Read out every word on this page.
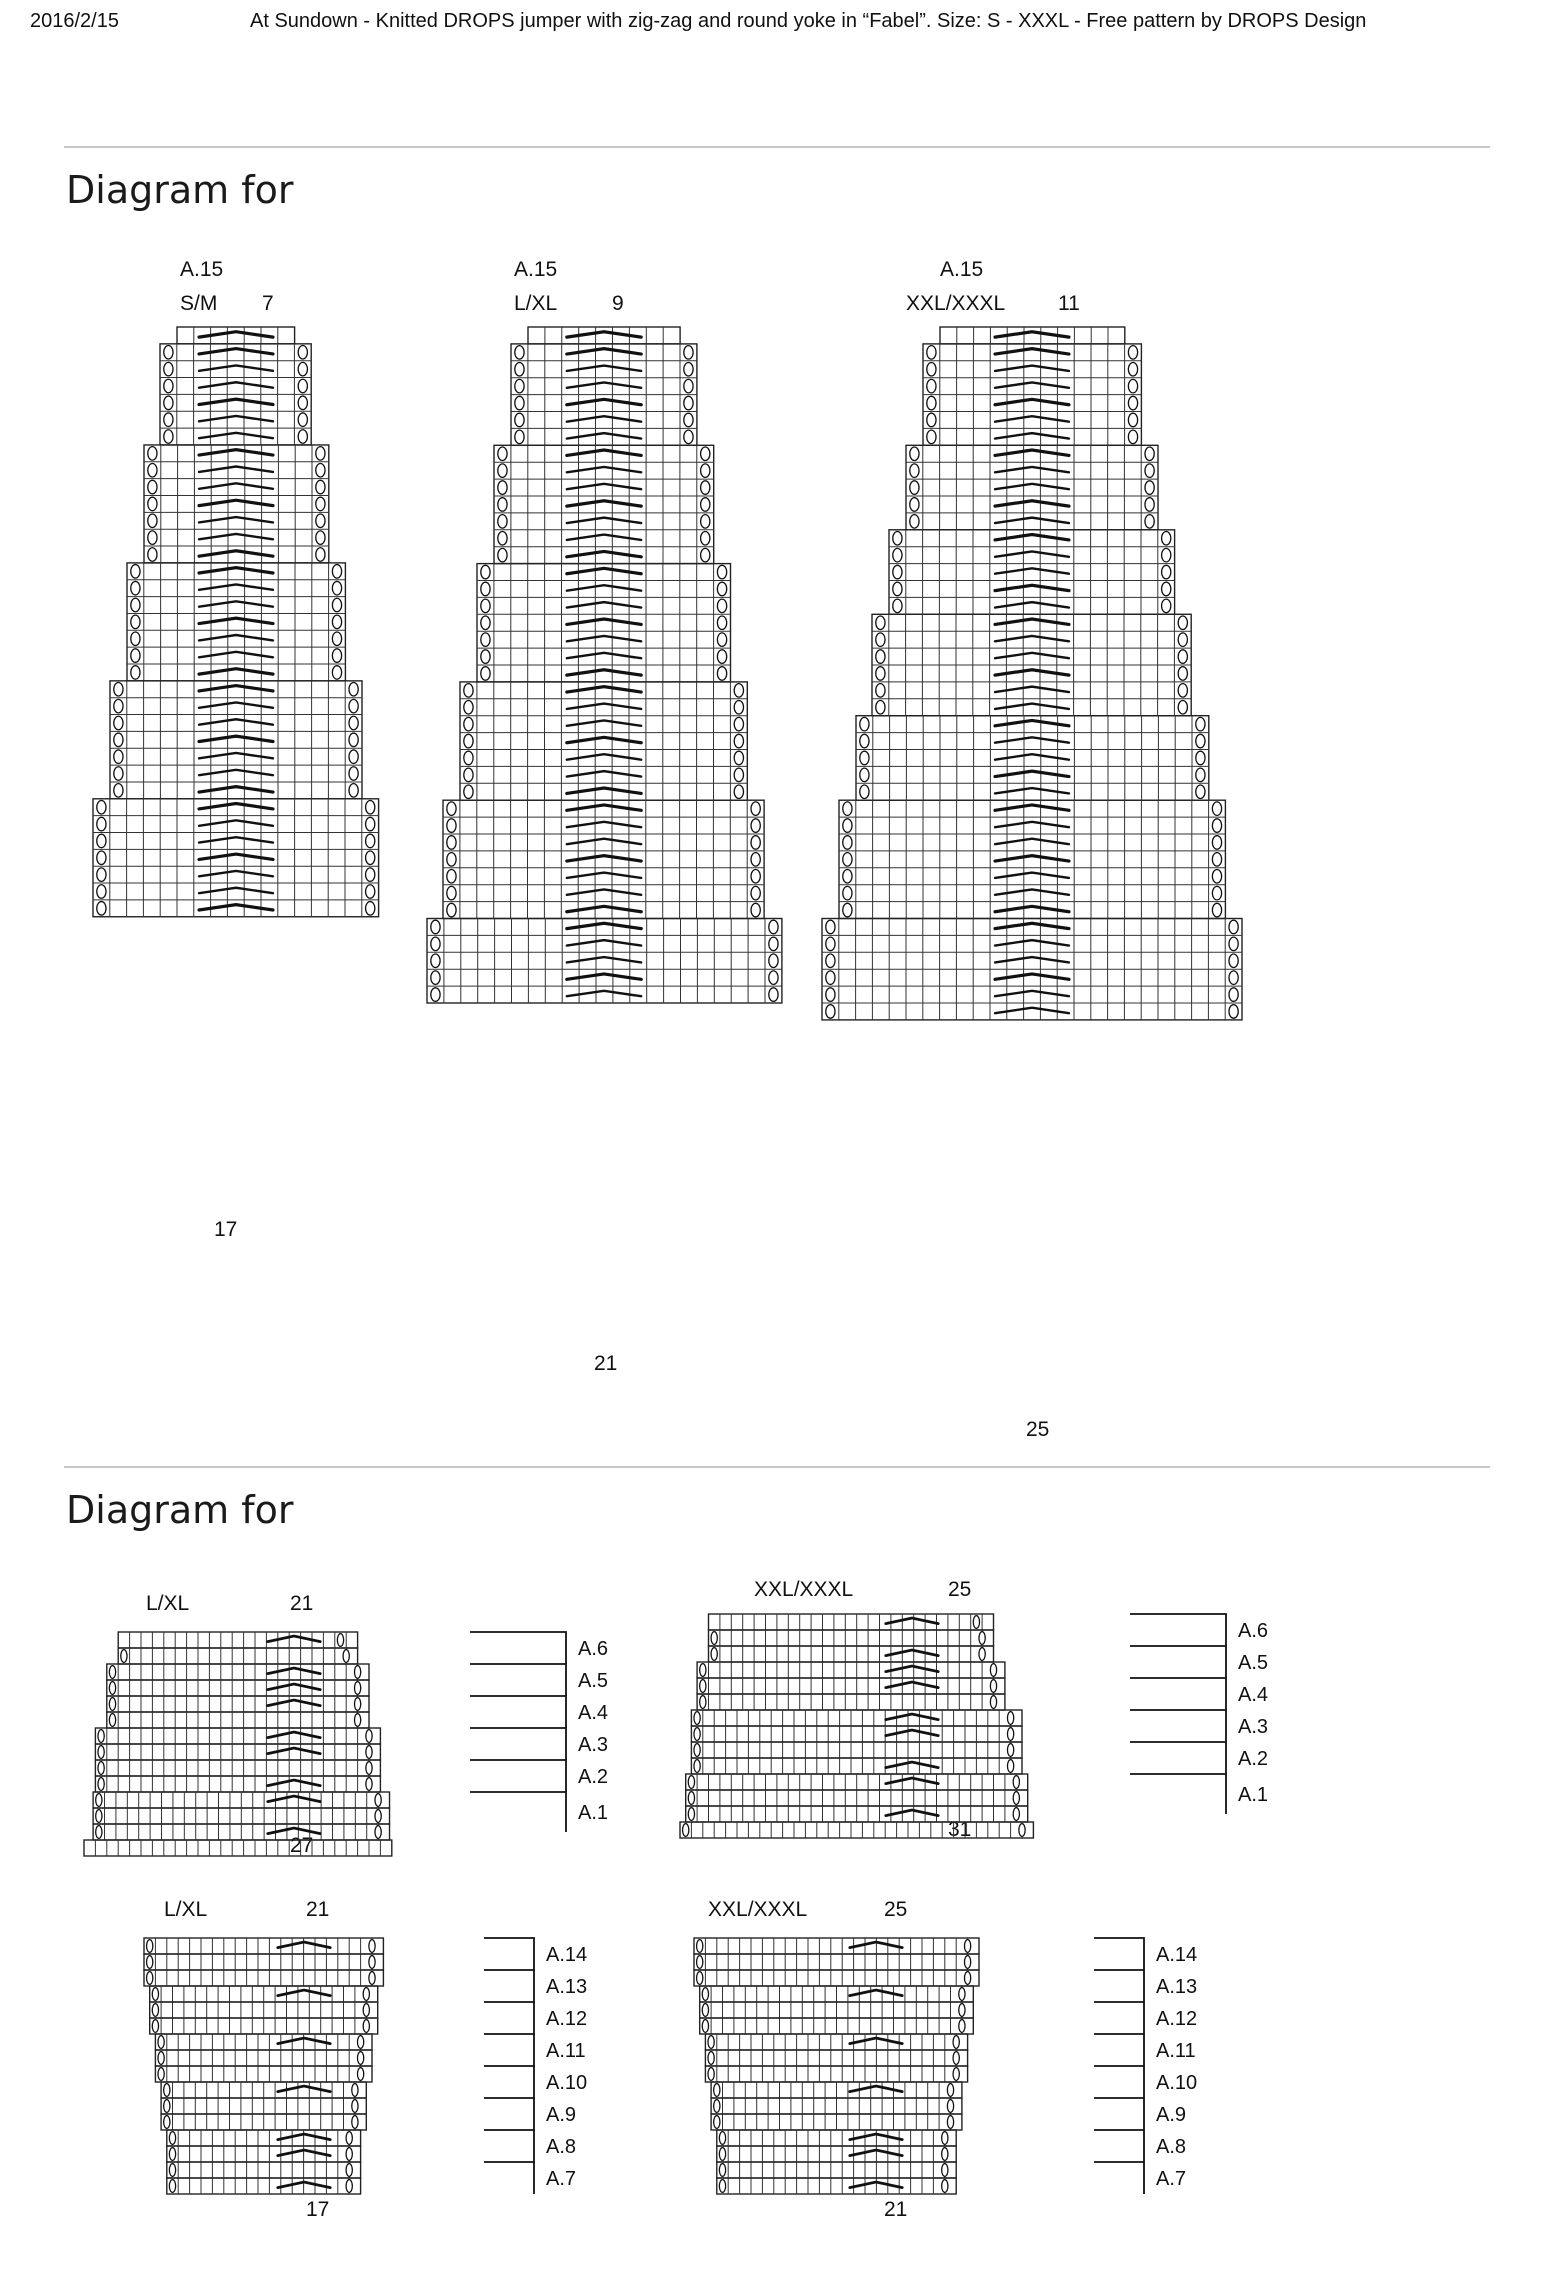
2016/2/15	At Sundown - Knitted DROPS jumper with zig-zag and round yoke in “Fabel”. Size: S - XXXL - Free pattern by DROPS Design
Diagram for
Diagram for
A.15
S/M 7
17
A.15
L/XL	9
21
A.15
XXL/XXXL	11
25
L/XL	21
27
A.6
A.5
A.4
A.3
A.2
A.1
XXL/XXXL	25
31
A.6
A.5
A.4
A.3
A.2
A.1
L/XL	21
17
A.14
A.13
A.12
A.11
A.10
A.9
A.8
A.7
XXL/XXXL	25
21
A.14
A.13
A.12
A.11
A.10
A.9
A.8
A.7
